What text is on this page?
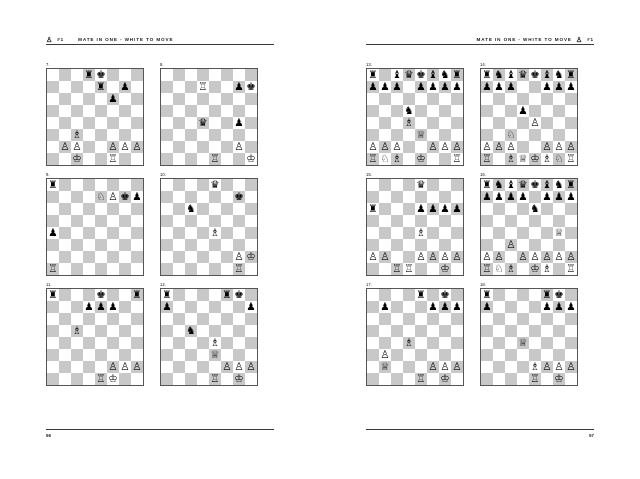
♙ #1	MATE IN ONE - WHITE TO MOVE
56
7.
♜ ♚
♜ ♟
♟
♗
♙ ♙	♙ ♙ ♙
♔	♖
8.
♖	♟ ♚
♛	♟
♙
♖	♔
9.
♜
♘ ♙ ♚ ♟
♟
♖
10.
♛
♚
♞
♗
♙ ♔
♖
11.
♜	♚	♜
♟ ♟ ♟
♗
♙ ♙ ♙
♖ ♔
12.
♜	♜ ♚
♟	♟
♞
♗
♕
♙ ♙ ♙
♖ ♔
MATE IN ONE - WHITE TO MOVE ♙ #1
57
13.
♜ ♝ ♛ ♚ ♝ ♞ ♜
♟ ♟ ♟ ♟ ♟ ♟ ♟
♞
♗
♕
♙ ♙ ♙	♙ ♙ ♙
♖ ♘ ♗ ♔	♖
14.
♜ ♞ ♝ ♛ ♚ ♝ ♞ ♜
♟ ♟ ♟	♟ ♟ ♟
♟
♙
♘
♙ ♙ ♙	♙ ♙ ♙
♖ ♗ ♕ ♔ ♗ ♘ ♖
15.
♛
♜	♟ ♟ ♟ ♟
♗
♙ ♙	♙ ♙ ♙ ♙
♖ ♖	♔
16.
♜ ♞ ♝ ♛ ♚ ♝ ♞ ♜
♟ ♟ ♟ ♟ ♟ ♟ ♟
♞
♕
♙
♙ ♙ ♙ ♙ ♙ ♙ ♙
♖ ♘ ♗ ♔ ♗ ♖
17.
♜ ♚
♟	♟ ♟ ♟
♗
♙
♕	♙ ♙ ♙
♖ ♔
18.
♜	♜ ♚
♟	♟ ♟ ♟
♕
♗ ♙ ♙ ♙
♖ ♔
